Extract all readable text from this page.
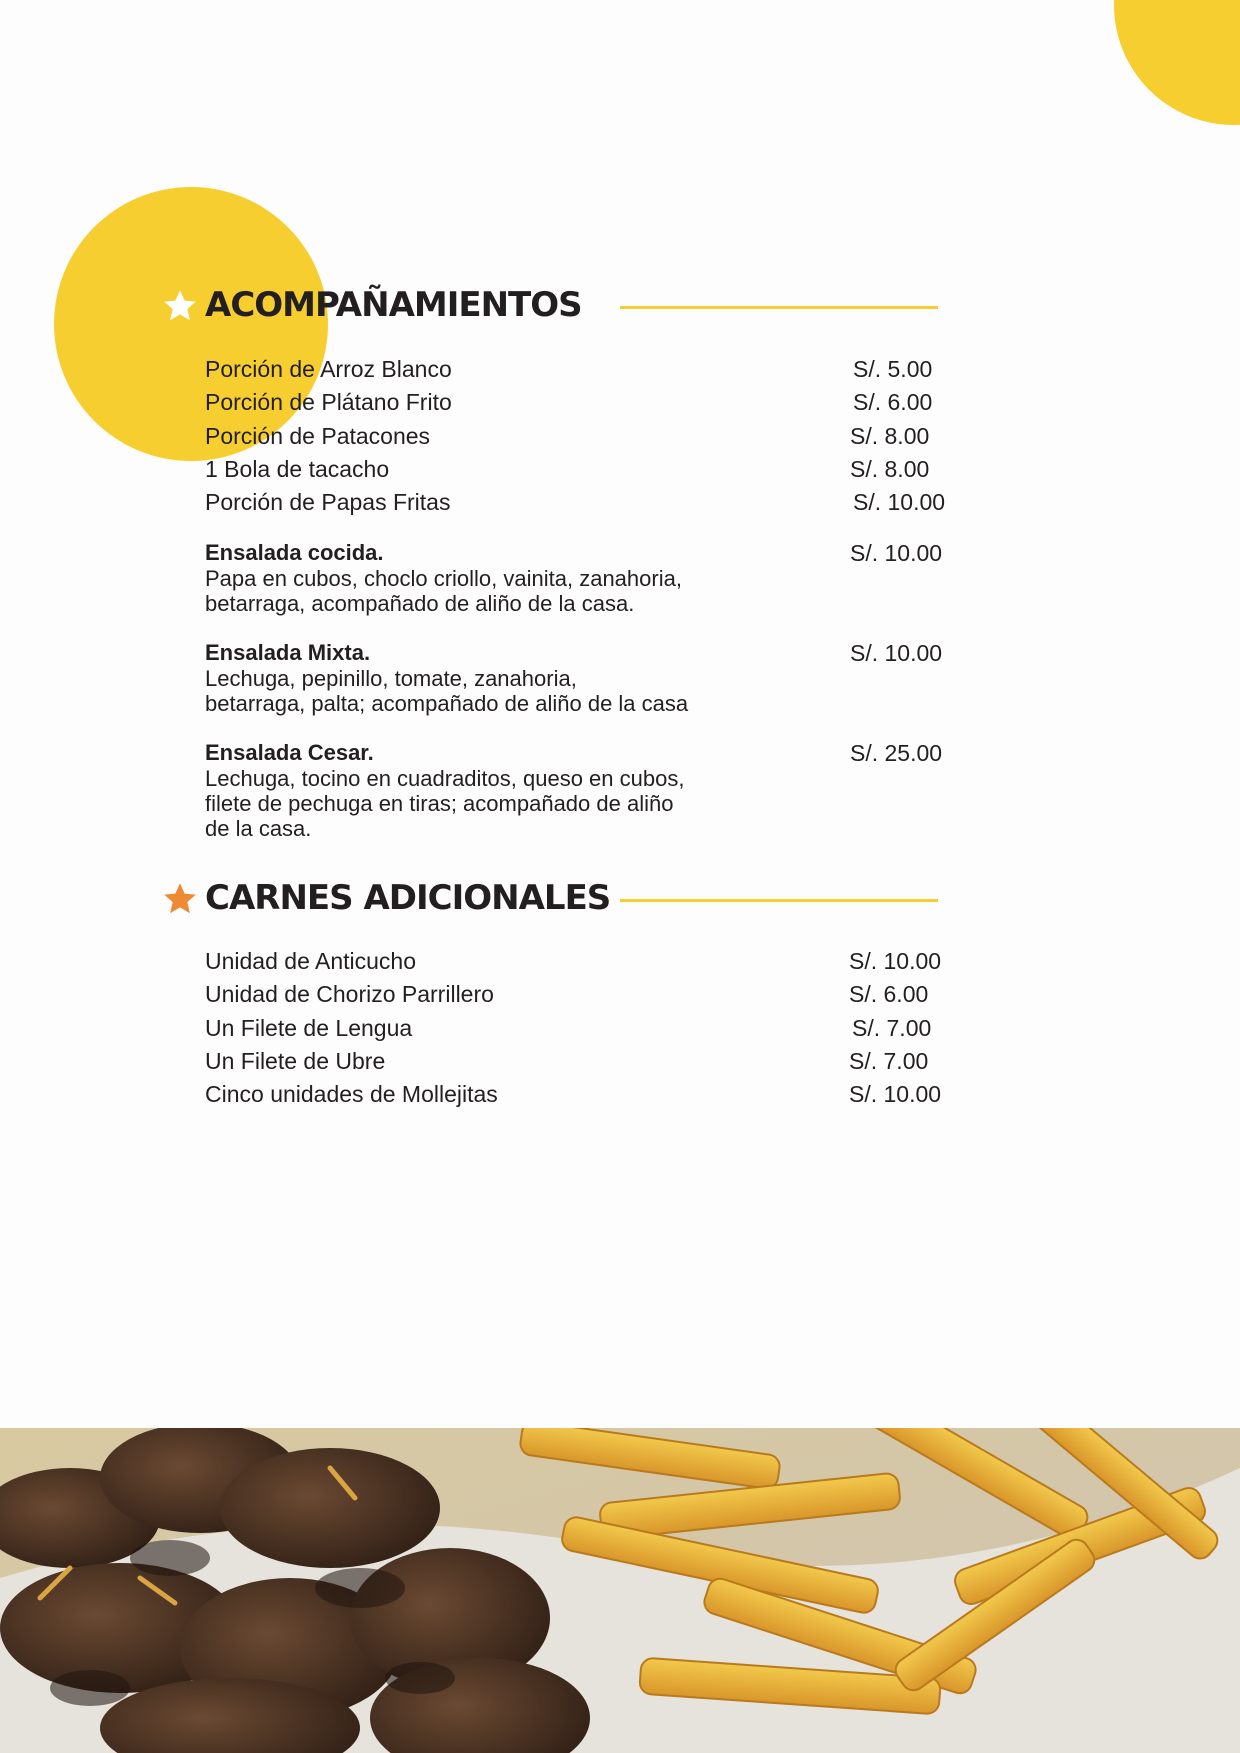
ACOMPAÑAMIENTOS
Porción de Arroz Blanco	S/. 5.00
Porción de Plátano Frito	S/. 6.00
Porción de Patacones	S/. 8.00
1 Bola de tacacho	S/. 8.00
Porción de Papas Fritas	S/. 10.00
Ensalada cocida.	S/. 10.00
Papa en cubos, choclo criollo, vainita, zanahoria,
betarraga, acompañado de aliño de la casa.
Ensalada Mixta.	S/. 10.00
Lechuga, pepinillo, tomate, zanahoria,
betarraga, palta; acompañado de aliño de la casa
Ensalada Cesar.	S/. 25.00
Lechuga, tocino en cuadraditos, queso en cubos,
filete de pechuga en tiras; acompañado de aliño
de la casa.
CARNES ADICIONALES
Unidad de Anticucho	S/. 10.00
Unidad de Chorizo Parrillero	S/. 6.00
Un Filete de Lengua	S/. 7.00
Un Filete de Ubre	S/. 7.00
Cinco unidades de Mollejitas	S/. 10.00
